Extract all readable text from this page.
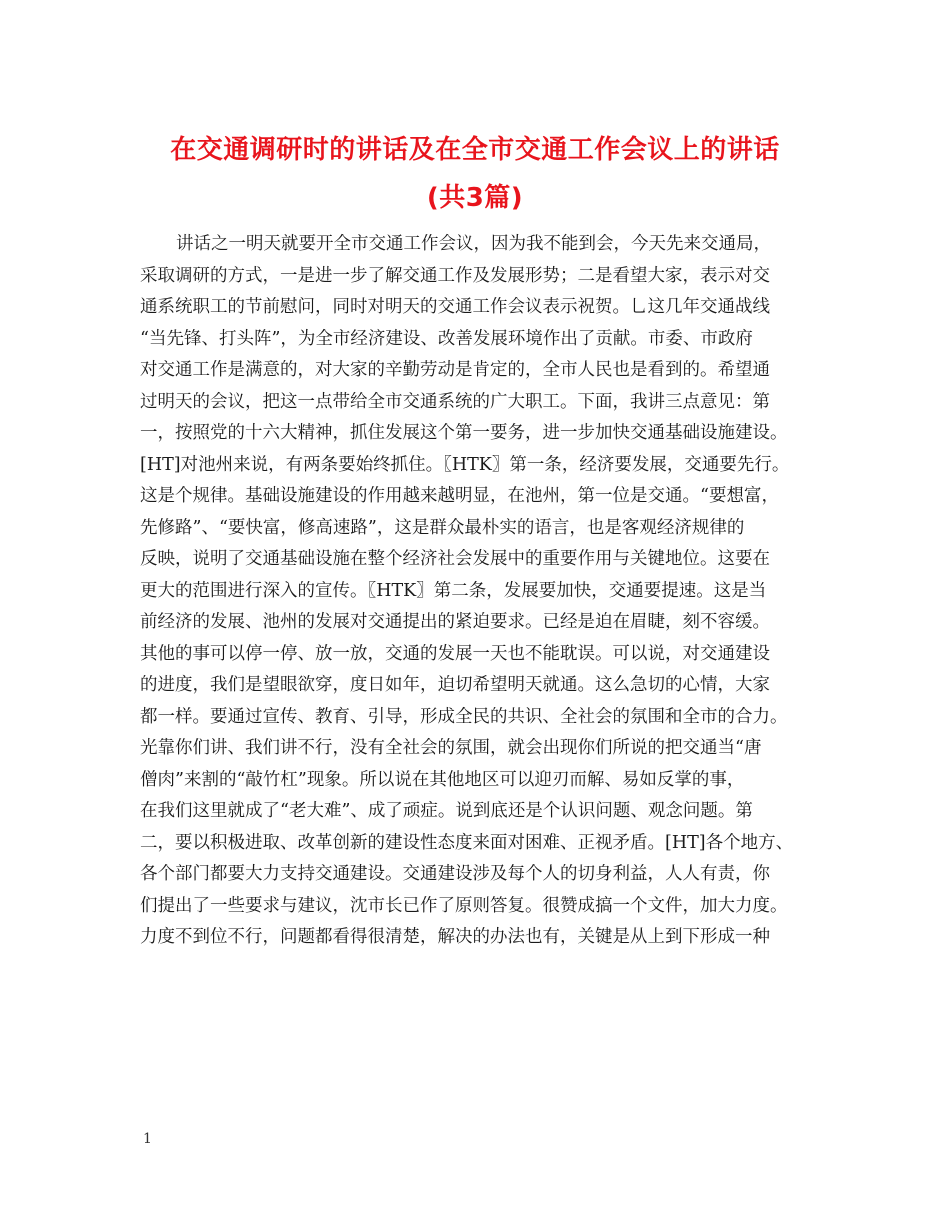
在交通调研时的讲话及在全市交通工作会议上的讲话
(共3篇)
讲话之一明天就要开全市交通工作会议，因为我不能到会，今天先来交通局，
采取调研的方式，一是进一步了解交通工作及发展形势；二是看望大家，表示对交
通系统职工的节前慰问，同时对明天的交通工作会议表示祝贺。乚这几年交通战线
“当先锋、打头阵”，为全市经济建设、改善发展环境作出了贡献。市委、市政府
对交通工作是满意的，对大家的辛勤劳动是肯定的，全市人民也是看到的。希望通
过明天的会议，把这一点带给全市交通系统的广大职工。下面，我讲三点意见：第
一，按照党的十六大精神，抓住发展这个第一要务，进一步加快交通基础设施建设。
[HT]对池州来说，有两条要始终抓住。〖HTK〗第一条，经济要发展，交通要先行。
这是个规律。基础设施建设的作用越来越明显，在池州，第一位是交通。“要想富，
先修路”、“要快富，修高速路”，这是群众最朴实的语言，也是客观经济规律的
反映，说明了交通基础设施在整个经济社会发展中的重要作用与关键地位。这要在
更大的范围进行深入的宣传。〖HTK〗第二条，发展要加快，交通要提速。这是当
前经济的发展、池州的发展对交通提出的紧迫要求。已经是迫在眉睫，刻不容缓。
其他的事可以停一停、放一放，交通的发展一天也不能耽误。可以说，对交通建设
的进度，我们是望眼欲穿，度日如年，迫切希望明天就通。这么急切的心情，大家
都一样。要通过宣传、教育、引导，形成全民的共识、全社会的氛围和全市的合力。
光靠你们讲、我们讲不行，没有全社会的氛围，就会出现你们所说的把交通当“唐
僧肉”来割的“敲竹杠”现象。所以说在其他地区可以迎刃而解、易如反掌的事，
在我们这里就成了“老大难”、成了顽症。说到底还是个认识问题、观念问题。第
二，要以积极进取、改革创新的建设性态度来面对困难、正视矛盾。[HT]各个地方、
各个部门都要大力支持交通建设。交通建设涉及每个人的切身利益，人人有责，你
们提出了一些要求与建议，沈市长已作了原则答复。很赞成搞一个文件，加大力度。
力度不到位不行，问题都看得很清楚，解决的办法也有，关键是从上到下形成一种
1
